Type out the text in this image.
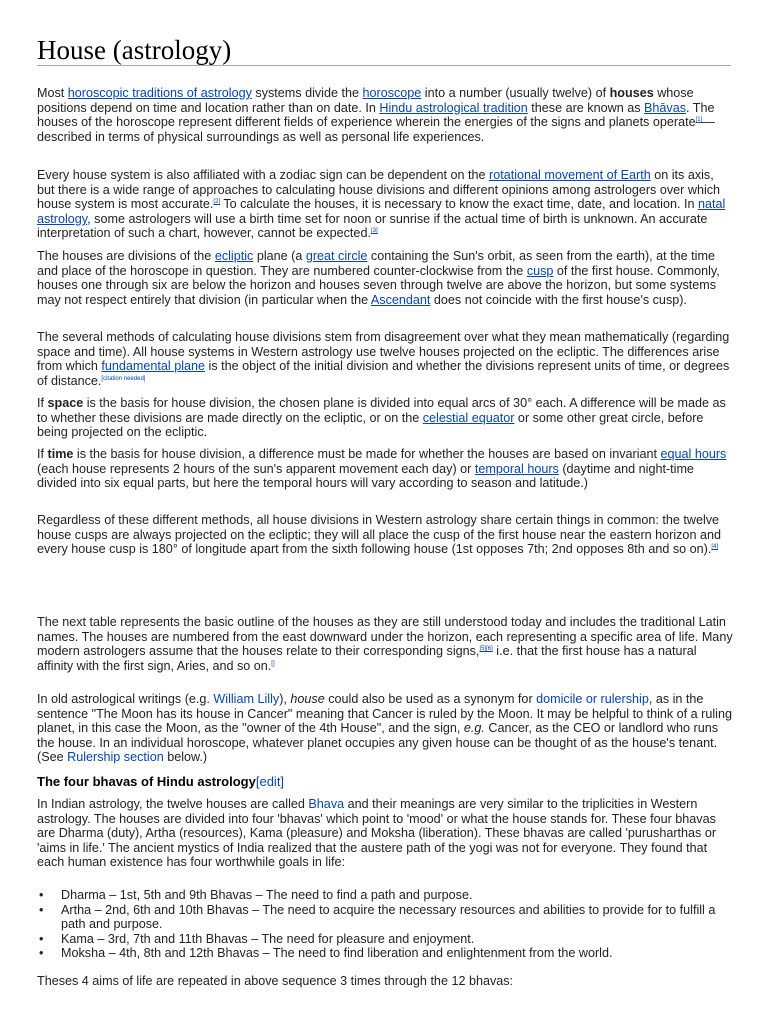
House (astrology)

Most horoscopic traditions of astrology systems divide the horoscope into a number (usually twelve) of houses whose positions depend on time and location rather than on date. In Hindu astrological tradition these are known as Bhāvas. The houses of the horoscope represent different fields of experience wherein the energies of the signs and planets operate[1]—described in terms of physical surroundings as well as personal life experiences.

Every house system is also affiliated with a zodiac sign can be dependent on the rotational movement of Earth on its axis, but there is a wide range of approaches to calculating house divisions and different opinions among astrologers over which house system is most accurate.[2] To calculate the houses, it is necessary to know the exact time, date, and location. In natal astrology, some astrologers will use a birth time set for noon or sunrise if the actual time of birth is unknown. An accurate interpretation of such a chart, however, cannot be expected.[3]

The houses are divisions of the ecliptic plane (a great circle containing the Sun's orbit, as seen from the earth), at the time and place of the horoscope in question. They are numbered counter-clockwise from the cusp of the first house. Commonly, houses one through six are below the horizon and houses seven through twelve are above the horizon, but some systems may not respect entirely that division (in particular when the Ascendant does not coincide with the first house's cusp).

The several methods of calculating house divisions stem from disagreement over what they mean mathematically (regarding space and time). All house systems in Western astrology use twelve houses projected on the ecliptic. The differences arise from which fundamental plane is the object of the initial division and whether the divisions represent units of time, or degrees of distance.[citation needed]

If space is the basis for house division, the chosen plane is divided into equal arcs of 30° each. A difference will be made as to whether these divisions are made directly on the ecliptic, or on the celestial equator or some other great circle, before being projected on the ecliptic.

If time is the basis for house division, a difference must be made for whether the houses are based on invariant equal hours (each house represents 2 hours of the sun's apparent movement each day) or temporal hours (daytime and night-time divided into six equal parts, but here the temporal hours will vary according to season and latitude.)

Regardless of these different methods, all house divisions in Western astrology share certain things in common: the twelve house cusps are always projected on the ecliptic; they will all place the cusp of the first house near the eastern horizon and every house cusp is 180° of longitude apart from the sixth following house (1st opposes 7th; 2nd opposes 8th and so on).[4]

The next table represents the basic outline of the houses as they are still understood today and includes the traditional Latin names. The houses are numbered from the east downward under the horizon, each representing a specific area of life. Many modern astrologers assume that the houses relate to their corresponding signs,[5][6] i.e. that the first house has a natural affinity with the first sign, Aries, and so on.[]

In old astrological writings (e.g. William Lilly), house could also be used as a synonym for domicile or rulership, as in the sentence "The Moon has its house in Cancer" meaning that Cancer is ruled by the Moon. It may be helpful to think of a ruling planet, in this case the Moon, as the "owner of the 4th House", and the sign, e.g. Cancer, as the CEO or landlord who runs the house. In an individual horoscope, whatever planet occupies any given house can be thought of as the house's tenant. (See Rulership section below.)

The four bhavas of Hindu astrology[edit]

In Indian astrology, the twelve houses are called Bhava and their meanings are very similar to the triplicities in Western astrology. The houses are divided into four 'bhavas' which point to 'mood' or what the house stands for. These four bhavas are Dharma (duty), Artha (resources), Kama (pleasure) and Moksha (liberation). These bhavas are called 'purusharthas or 'aims in life.' The ancient mystics of India realized that the austere path of the yogi was not for everyone. They found that each human existence has four worthwhile goals in life:

• Dharma – 1st, 5th and 9th Bhavas – The need to find a path and purpose.
• Artha – 2nd, 6th and 10th Bhavas – The need to acquire the necessary resources and abilities to provide for to fulfill a path and purpose.
• Kama – 3rd, 7th and 11th Bhavas – The need for pleasure and enjoyment.
• Moksha – 4th, 8th and 12th Bhavas – The need to find liberation and enlightenment from the world.

Theses 4 aims of life are repeated in above sequence 3 times through the 12 bhavas:
